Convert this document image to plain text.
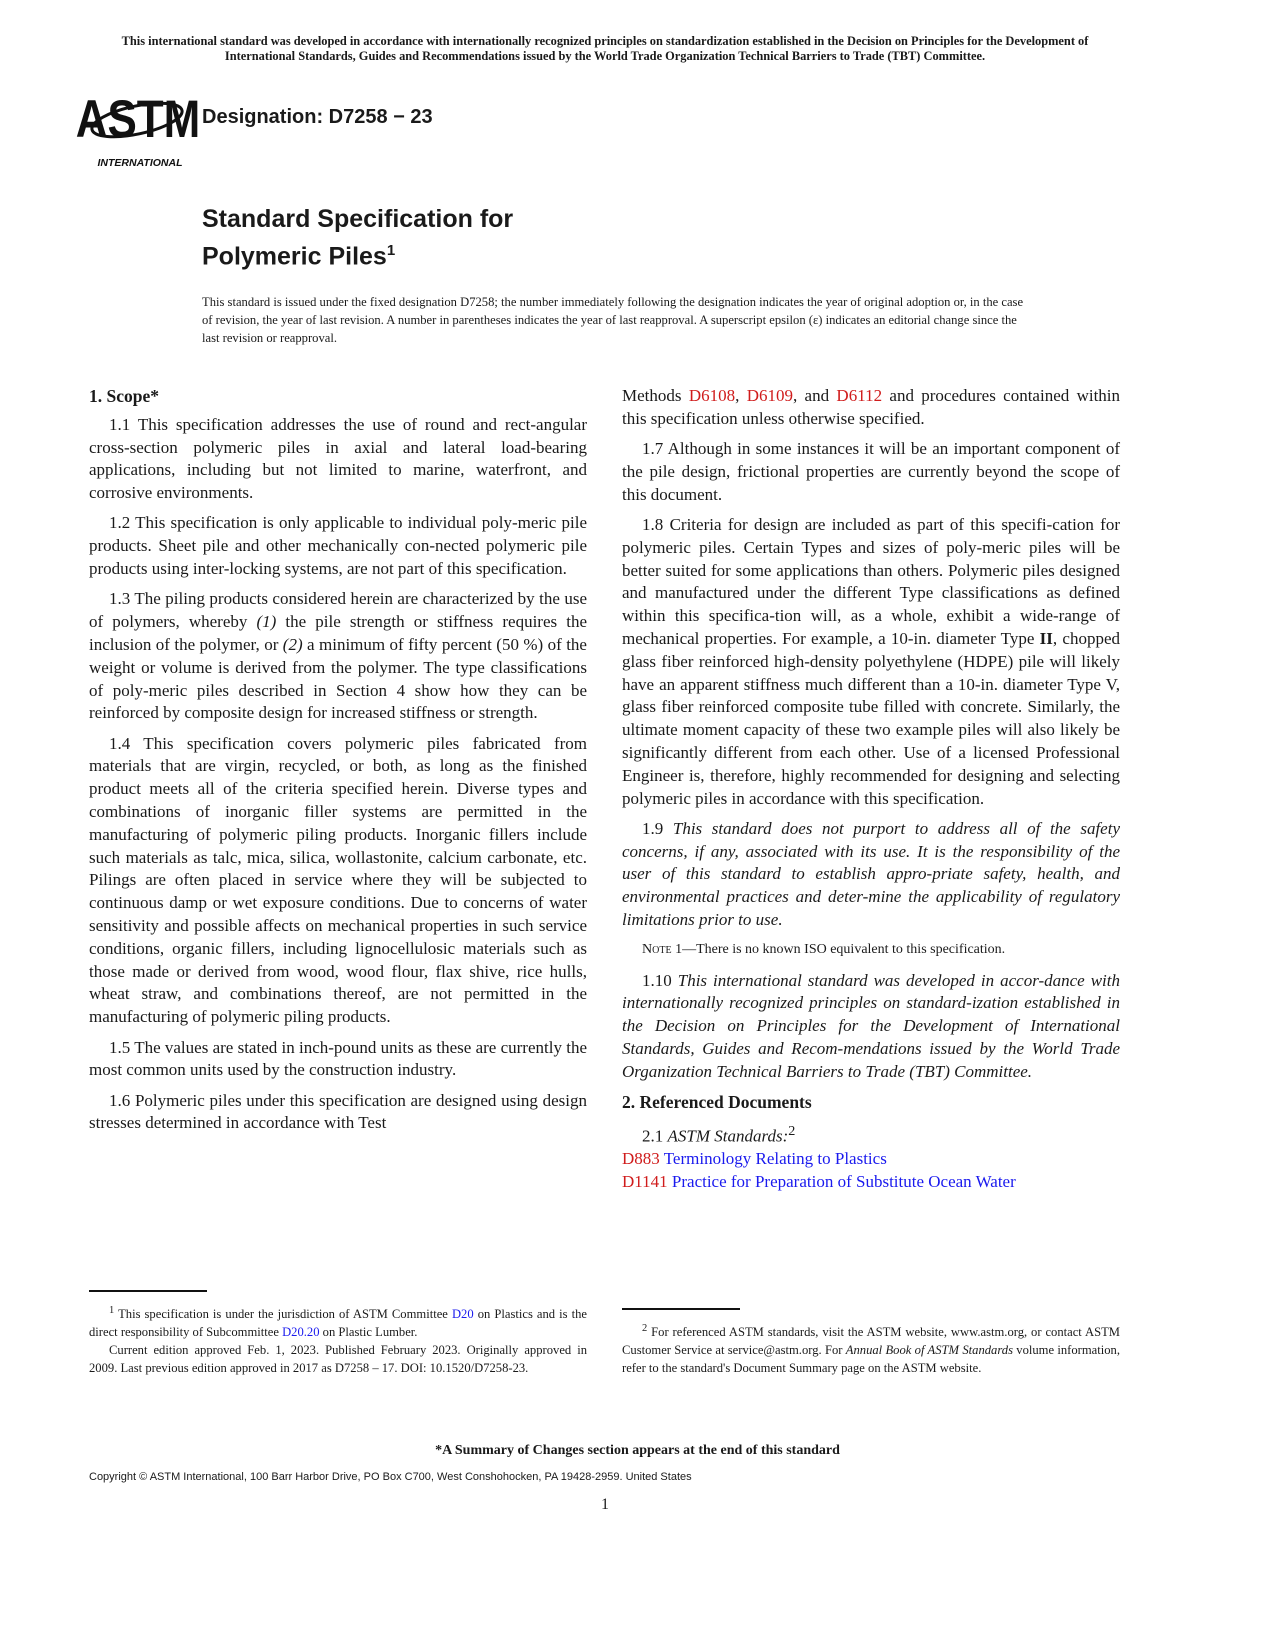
This international standard was developed in accordance with internationally recognized principles on standardization established in the Decision on Principles for the Development of International Standards, Guides and Recommendations issued by the World Trade Organization Technical Barriers to Trade (TBT) Committee.
ASTM
INTERNATIONAL
Designation: D7258 − 23
Standard Specification for
Polymeric Piles$^1$
This standard is issued under the fixed designation D7258; the number immediately following the designation indicates the year of original adoption or, in the case of revision, the year of last revision. A number in parentheses indicates the year of last reapproval. A superscript epsilon (ε) indicates an editorial change since the last revision or reapproval.
1. Scope*

1.1 This specification addresses the use of round and rect-angular cross-section polymeric piles in axial and lateral load-bearing applications, including but not limited to marine, waterfront, and corrosive environments.

1.2 This specification is only applicable to individual poly-meric pile products. Sheet pile and other mechanically con-nected polymeric pile products using inter-locking systems, are not part of this specification.

1.3 The piling products considered herein are characterized by the use of polymers, whereby (1) the pile strength or stiffness requires the inclusion of the polymer, or (2) a minimum of fifty percent (50 %) of the weight or volume is derived from the polymer. The type classifications of poly-meric piles described in Section 4 show how they can be reinforced by composite design for increased stiffness or strength.

1.4 This specification covers polymeric piles fabricated from materials that are virgin, recycled, or both, as long as the finished product meets all of the criteria specified herein. Diverse types and combinations of inorganic filler systems are permitted in the manufacturing of polymeric piling products. Inorganic fillers include such materials as talc, mica, silica, wollastonite, calcium carbonate, etc. Pilings are often placed in service where they will be subjected to continuous damp or wet exposure conditions. Due to concerns of water sensitivity and possible affects on mechanical properties in such service conditions, organic fillers, including lignocellulosic materials such as those made or derived from wood, wood flour, flax shive, rice hulls, wheat straw, and combinations thereof, are not permitted in the manufacturing of polymeric piling products.

1.5 The values are stated in inch-pound units as these are currently the most common units used by the construction industry.

1.6 Polymeric piles under this specification are designed using design stresses determined in accordance with Test

Methods D6108, D6109, and D6112 and procedures contained within this specification unless otherwise specified.

1.7 Although in some instances it will be an important component of the pile design, frictional properties are currently beyond the scope of this document.

1.8 Criteria for design are included as part of this specifi-cation for polymeric piles. Certain Types and sizes of poly-meric piles will be better suited for some applications than others. Polymeric piles designed and manufactured under the different Type classifications as defined within this specifica-tion will, as a whole, exhibit a wide-range of mechanical properties. For example, a 10-in. diameter Type II, chopped glass fiber reinforced high-density polyethylene (HDPE) pile will likely have an apparent stiffness much different than a 10-in. diameter Type V, glass fiber reinforced composite tube filled with concrete. Similarly, the ultimate moment capacity of these two example piles will also likely be significantly different from each other. Use of a licensed Professional Engineer is, therefore, highly recommended for designing and selecting polymeric piles in accordance with this specification.

1.9 This standard does not purport to address all of the safety concerns, if any, associated with its use. It is the responsibility of the user of this standard to establish appro-priate safety, health, and environmental practices and deter-mine the applicability of regulatory limitations prior to use.

Note 1—There is no known ISO equivalent to this specification.

1.10 This international standard was developed in accor-dance with internationally recognized principles on standard-ization established in the Decision on Principles for the Development of International Standards, Guides and Recom-mendations issued by the World Trade Organization Technical Barriers to Trade (TBT) Committee.

2. Referenced Documents

2.1 ASTM Standards:$^2$

D883 Terminology Relating to Plastics

D1141 Practice for Preparation of Substitute Ocean Water

$^1$ This specification is under the jurisdiction of ASTM Committee D20 on Plastics and is the direct responsibility of Subcommittee D20.20 on Plastic Lumber.

Current edition approved Feb. 1, 2023. Published February 2023. Originally approved in 2009. Last previous edition approved in 2017 as D7258 – 17. DOI: 10.1520/D7258-23.

$^2$ For referenced ASTM standards, visit the ASTM website, www.astm.org, or contact ASTM Customer Service at service@astm.org. For Annual Book of ASTM Standards volume information, refer to the standard's Document Summary page on the ASTM website.

*A Summary of Changes section appears at the end of this standard
Copyright © ASTM International, 100 Barr Harbor Drive, PO Box C700, West Conshohocken, PA 19428-2959. United States
1
